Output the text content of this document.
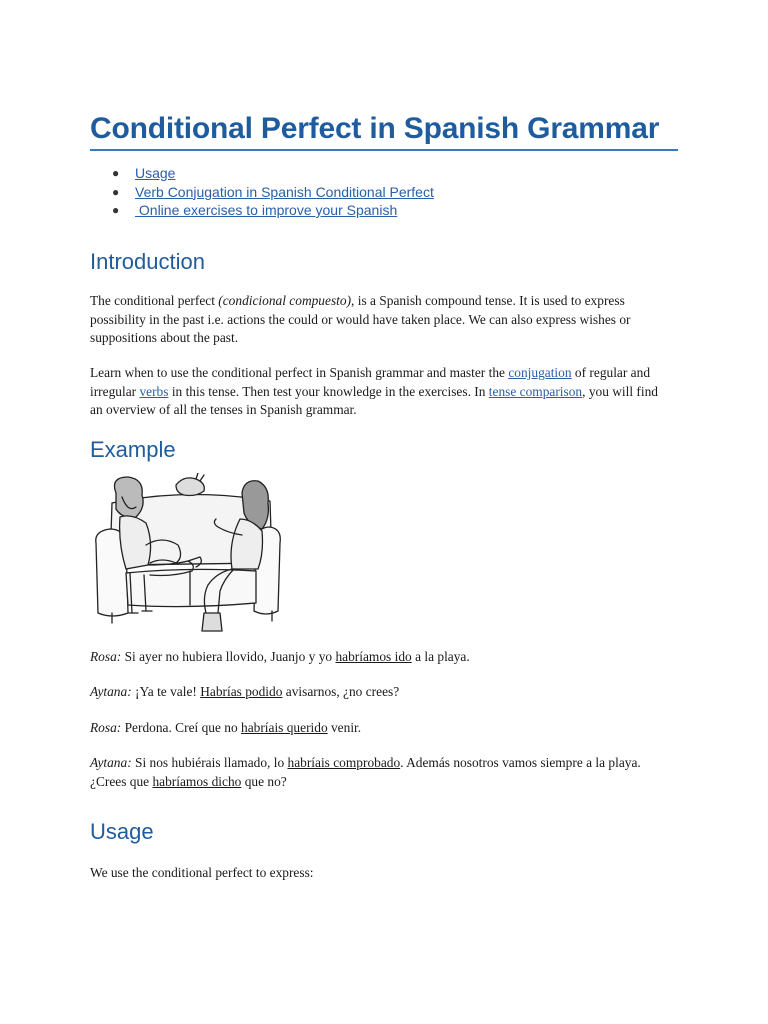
Conditional Perfect in Spanish Grammar
● Usage
● Verb Conjugation in Spanish Conditional Perfect
● Online exercises to improve your Spanish
Introduction

The conditional perfect (condicional compuesto), is a Spanish compound tense. It is used to express possibility in the past i.e. actions the could or would have taken place. We can also express wishes or suppositions about the past.

Learn when to use the conditional perfect in Spanish grammar and master the conjugation of regular and irregular verbs in this tense. Then test your knowledge in the exercises. In tense comparison, you will find an overview of all the tenses in Spanish grammar.

Example

Rosa: Si ayer no hubiera llovido, Juanjo y yo habríamos ido a la playa.

Aytana: ¡Ya te vale! Habrías podido avisarnos, ¿no crees?

Rosa: Perdona. Creí que no habríais querido venir.

Aytana: Si nos hubiérais llamado, lo habríais comprobado. Además nosotros vamos siempre a la playa. ¿Crees que habríamos dicho que no?

Usage

We use the conditional perfect to express:
